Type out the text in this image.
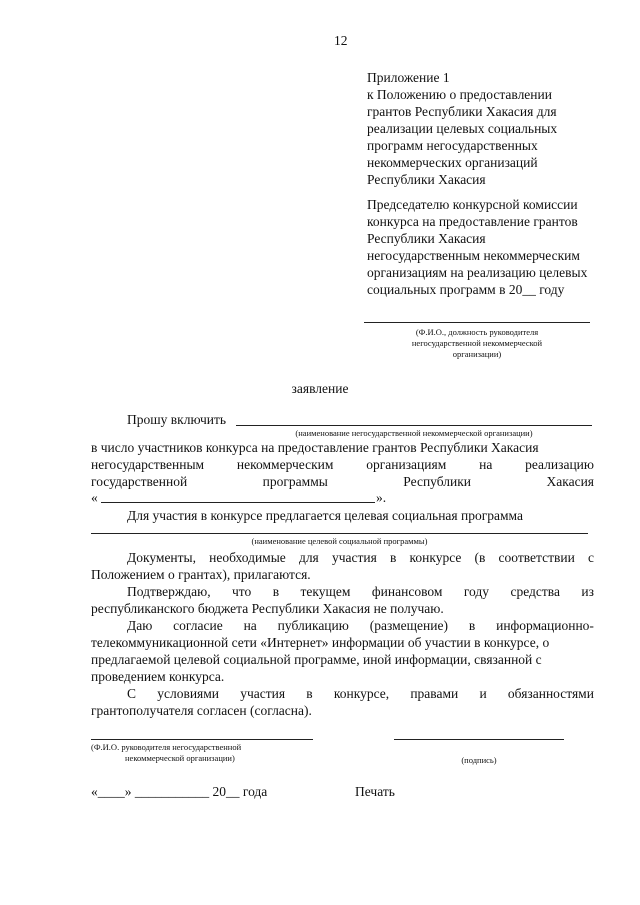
12
Приложение 1
к Положению о предоставлении
грантов Республики Хакасия для
реализации целевых социальных
программ негосударственных
некоммерческих организаций
Республики Хакасия
Председателю конкурсной комиссии
конкурса на предоставление грантов
Республики Хакасия
негосударственным некоммерческим
организациям на реализацию целевых
социальных программ в 20__ году
(Ф.И.О., должность руководителя
негосударственной некоммерческой
организации)
заявление
Прошу включить
(наименование негосударственной некоммерческой организации)
в число участников конкурса на предоставление грантов Республики Хакасия
негосударственным некоммерческим организациям на реализацию
государственной	программы	Республики	Хакасия
«	».
Для участия в конкурсе предлагается целевая социальная программа
(наименование целевой социальной программы)
Документы, необходимые для участия в конкурсе (в соответствии с
Положением о грантах), прилагаются.
Подтверждаю, что в текущем финансовом году средства из
республиканского бюджета Республики Хакасия не получаю.
Даю согласие на публикацию (размещение) в информационно-
телекоммуникационной сети «Интернет» информации об участии в конкурсе, о
предлагаемой целевой социальной программе, иной информации, связанной с
проведением конкурса.
С условиями участия в конкурсе, правами и обязанностями
грантополучателя согласен (согласна).
(Ф.И.О. руководителя негосударственной
некоммерческой организации)	(подпись)
«____» ___________ 20__ года	Печать
